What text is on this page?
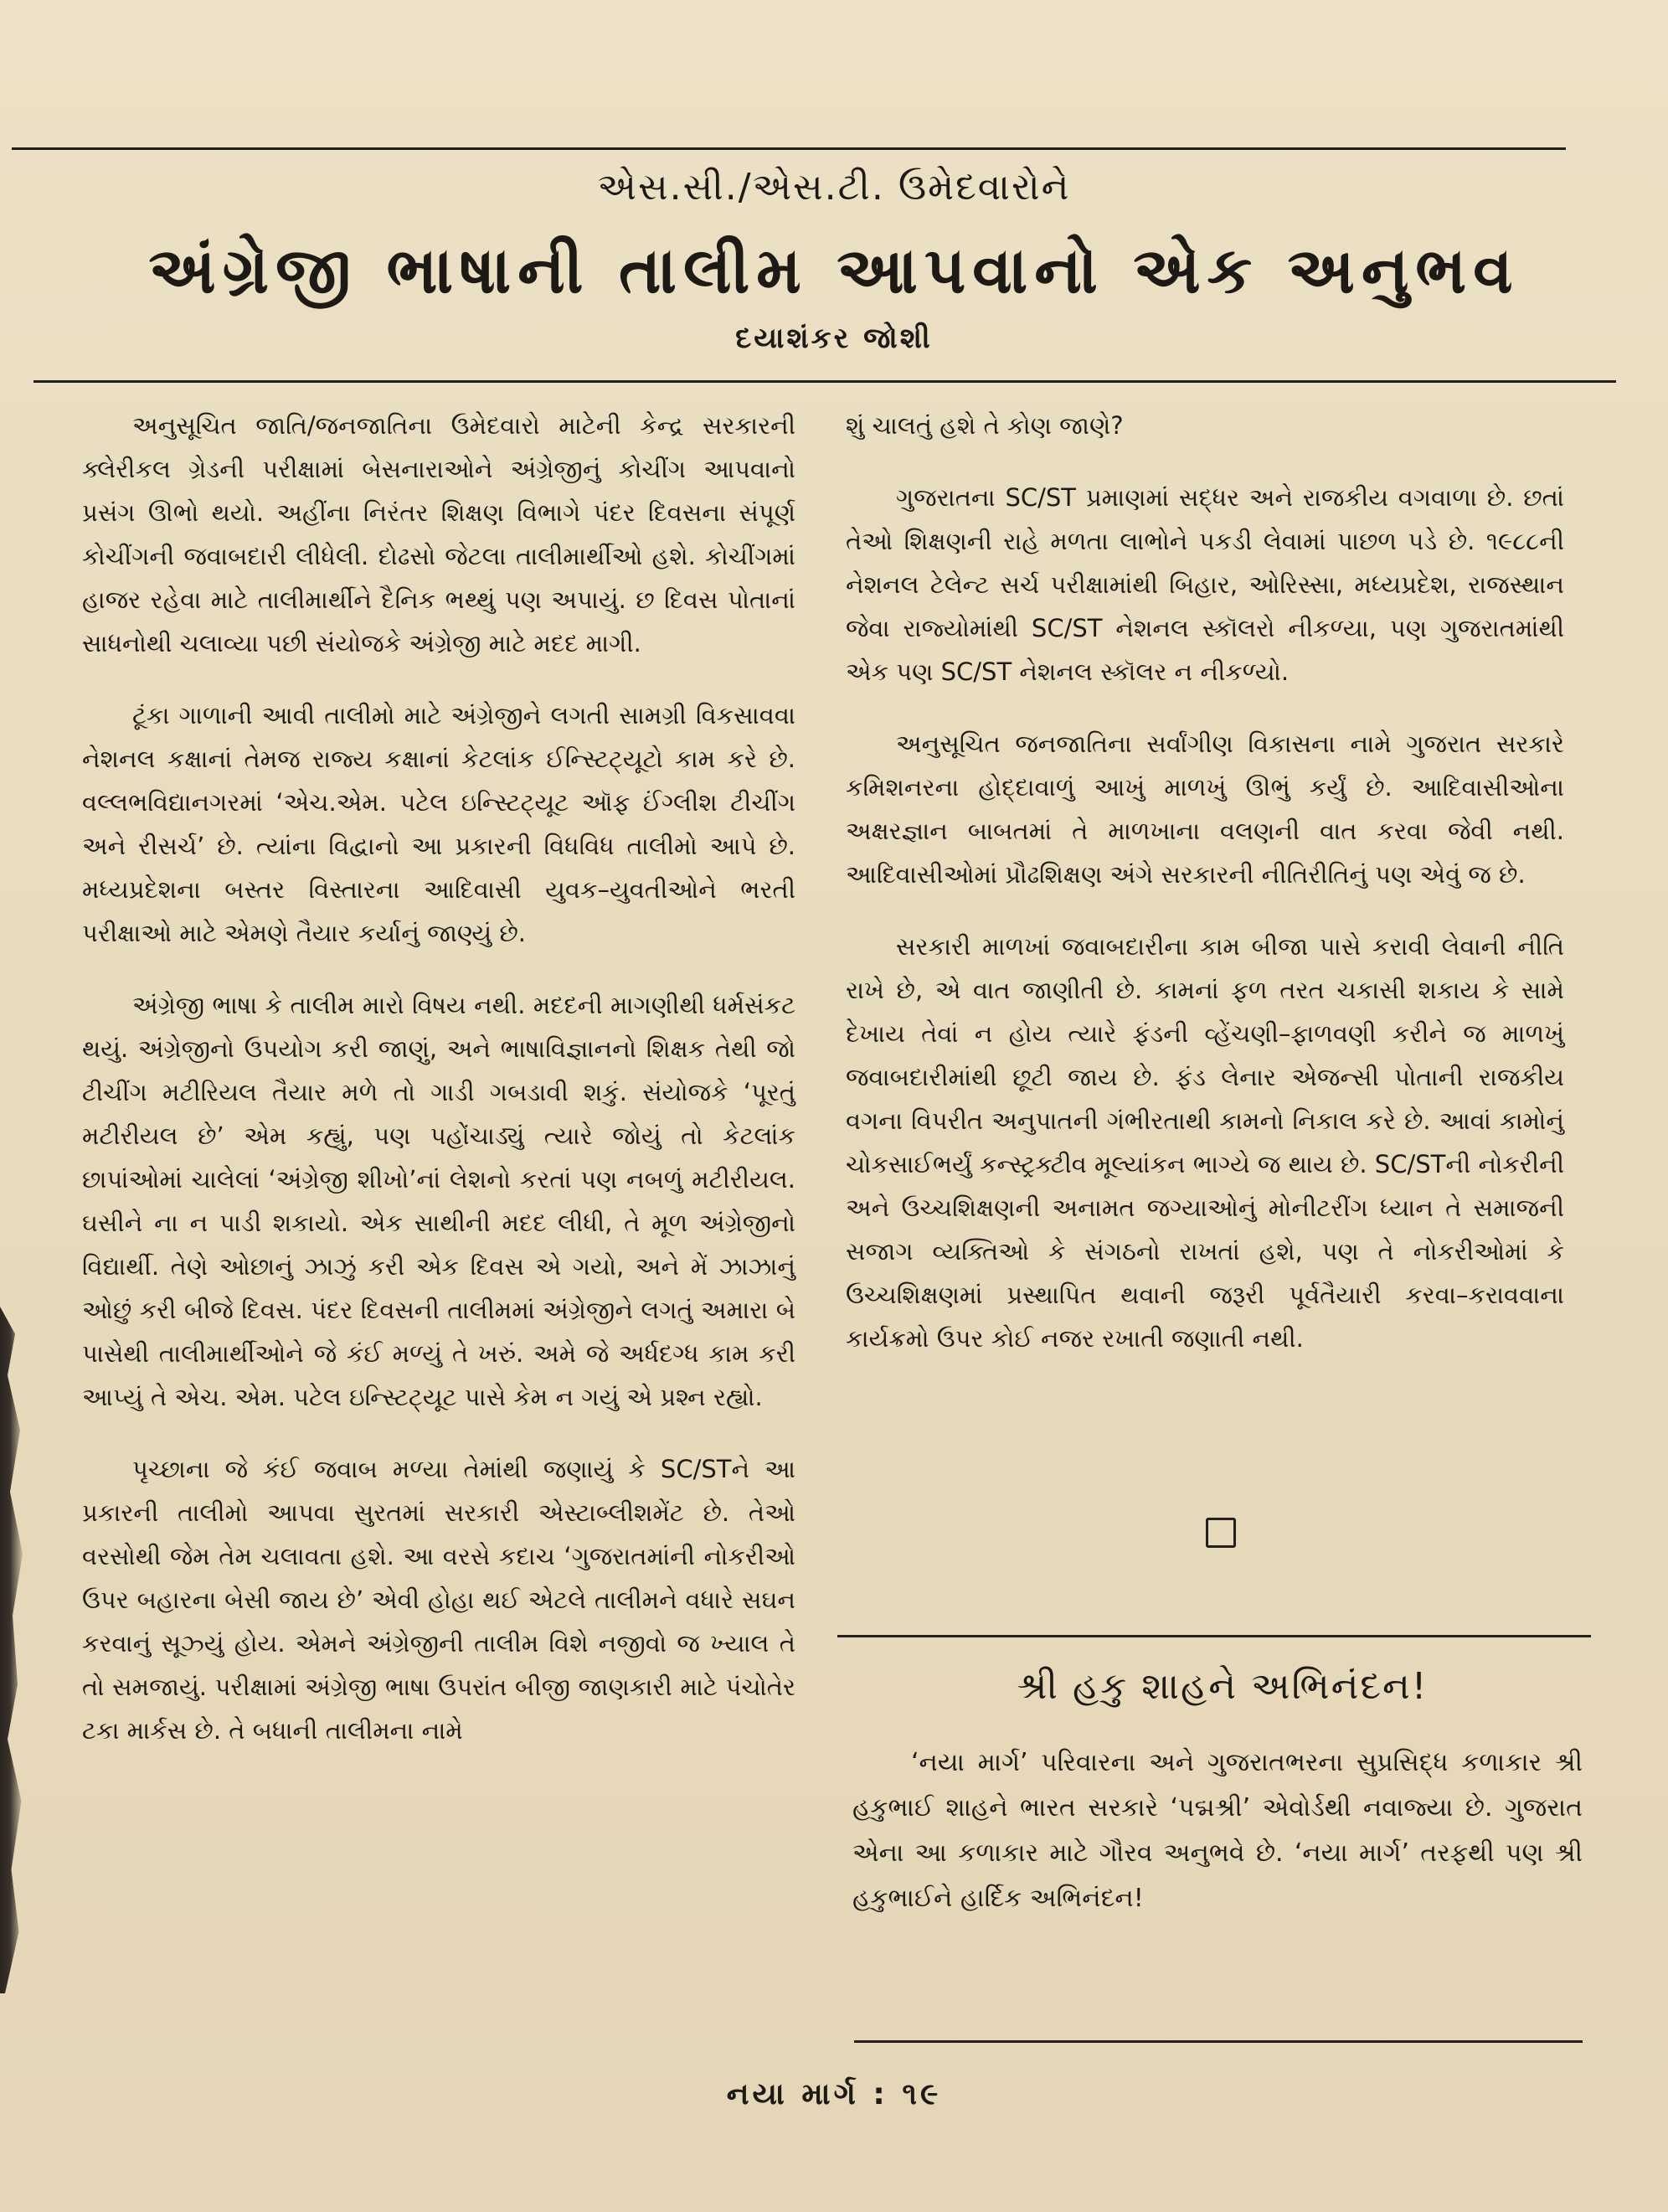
એસ.સી./એસ.ટી. ઉમેદવારોને
અંગ્રેજી ભાષાની તાલીમ આપવાનો એક અનુભવ
દયાશંકર જોશી

અનુસૂચિત જાતિ/જનજાતિના ઉમેદવારો માટેની કેન્દ્ર સરકારની ક્લેરીકલ ગ્રેડની પરીક્ષામાં બેસનારાઓને અંગ્રેજીનું કોચીંગ આપવાનો પ્રસંગ ઊભો થયો. અહીંના નિરંતર શિક્ષણ વિભાગે પંદર દિવસના સંપૂર્ણ કોચીંગની જવાબદારી લીધેલી. દોઢસો જેટલા તાલીમાર્થીઓ હશે. કોચીંગમાં હાજર રહેવા માટે તાલીમાર્થીને દૈનિક ભથ્થું પણ અપાયું. છ દિવસ પોતાનાં સાધનોથી ચલાવ્યા પછી સંયોજકે અંગ્રેજી માટે મદદ માગી.

ટૂંકા ગાળાની આવી તાલીમો માટે અંગ્રેજીને લગતી સામગ્રી વિકસાવવા નેશનલ કક્ષાનાં તેમજ રાજ્ય કક્ષાનાં કેટલાંક ઈન્સ્ટિટ્યૂટો કામ કરે છે. વલ્લભવિદ્યાનગરમાં ‘એચ.એમ. પટેલ ઇન્સ્ટિટ્યૂટ ઑફ ઈંગ્લીશ ટીચીંગ અને રીસર્ચ’ છે. ત્યાંના વિદ્વાનો આ પ્રકારની વિધવિધ તાલીમો આપે છે. મધ્યપ્રદેશના બસ્તર વિસ્તારના આદિવાસી યુવક–યુવતીઓને ભરતી પરીક્ષાઓ માટે એમણે તૈયાર કર્યાનું જાણ્યું છે.

અંગ્રેજી ભાષા કે તાલીમ મારો વિષય નથી. મદદની માગણીથી ધર્મસંકટ થયું. અંગ્રેજીનો ઉપયોગ કરી જાણું, અને ભાષાવિજ્ઞાનનો શિક્ષક તેથી જો ટીચીંગ મટીરિયલ તૈયાર મળે તો ગાડી ગબડાવી શકું. સંયોજકે ‘પૂરતું મટીરીયલ છે’ એમ કહ્યું, પણ પહોંચાડ્યું ત્યારે જોયું તો કેટલાંક છાપાંઓમાં ચાલેલાં ‘અંગ્રેજી શીખો’નાં લેશનો કરતાં પણ નબળું મટીરીયલ. ઘસીને ના ન પાડી શકાયો. એક સાથીની મદદ લીધી, તે મૂળ અંગ્રેજીનો વિદ્યાર્થી. તેણે ઓછાનું ઝાઝું કરી એક દિવસ એ ગયો, અને મેં ઝાઝાનું ઓછું કરી બીજે દિવસ. પંદર દિવસની તાલીમમાં અંગ્રેજીને લગતું અમારા બે પાસેથી તાલીમાર્થીઓને જે કંઈ મળ્યું તે ખરું. અમે જે અર્ધદગ્ધ કામ કરી આપ્યું તે એચ. એમ. પટેલ ઇન્સ્ટિટ્યૂટ પાસે કેમ ન ગયું એ પ્રશ્ન રહ્યો.

પૃચ્છાના જે કંઈ જવાબ મળ્યા તેમાંથી જણાયું કે SC/STને આ પ્રકારની તાલીમો આપવા સુરતમાં સરકારી એસ્ટાબ્લીશમેંટ છે. તેઓ વરસોથી જેમ તેમ ચલાવતા હશે. આ વરસે કદાચ ‘ગુજરાતમાંની નોકરીઓ ઉપર બહારના બેસી જાય છે’ એવી હોહા થઈ એટલે તાલીમને વધારે સઘન કરવાનું સૂઝ્યું હોય. એમને અંગ્રેજીની તાલીમ વિશે નજીવો જ ખ્યાલ તે તો સમજાયું. પરીક્ષામાં અંગ્રેજી ભાષા ઉપરાંત બીજી જાણકારી માટે પંચોતેર ટકા માર્કસ છે. તે બધાની તાલીમના નામે

શું ચાલતું હશે તે કોણ જાણે?

ગુજરાતના SC/ST પ્રમાણમાં સદ્ધર અને રાજકીય વગવાળા છે. છતાં તેઓ શિક્ષણની રાહે મળતા લાભોને પકડી લેવામાં પાછળ પડે છે. ૧૯૮૮ની નેશનલ ટેલેન્ટ સર્ચ પરીક્ષામાંથી બિહાર, ઓરિસ્સા, મધ્યપ્રદેશ, રાજસ્થાન જેવા રાજ્યોમાંથી SC/ST નેશનલ સ્કૉલરો નીકળ્યા, પણ ગુજરાતમાંથી એક પણ SC/ST નેશનલ સ્કૉલર ન નીકળ્યો.

અનુસૂચિત જનજાતિના સર્વાંગીણ વિકાસના નામે ગુજરાત સરકારે કમિશનરના હોદ્દાવાળું આખું માળખું ઊભું કર્યું છે. આદિવાસીઓના અક્ષરજ્ઞાન બાબતમાં તે માળખાના વલણની વાત કરવા જેવી નથી. આદિવાસીઓમાં પ્રૌઢશિક્ષણ અંગે સરકારની નીતિરીતિનું પણ એવું જ છે.

સરકારી માળખાં જવાબદારીના કામ બીજા પાસે કરાવી લેવાની નીતિ રાખે છે, એ વાત જાણીતી છે. કામનાં ફળ તરત ચકાસી શકાય કે સામે દેખાય તેવાં ન હોય ત્યારે ફંડની વ્હેંચણી–ફાળવણી કરીને જ માળખું જવાબદારીમાંથી છૂટી જાય છે. ફંડ લેનાર એજન્સી પોતાની રાજકીય વગના વિપરીત અનુપાતની ગંભીરતાથી કામનો નિકાલ કરે છે. આવાં કામોનું ચોકસાઈભર્યું કન્સ્ટ્રક્ટીવ મૂલ્યાંકન ભાગ્યે જ થાય છે. SC/STની નોકરીની અને ઉચ્ચશિક્ષણની અનામત જગ્યાઓનું મોનીટરીંગ ધ્યાન તે સમાજની સજાગ વ્યક્તિઓ કે સંગઠનો રાખતાં હશે, પણ તે નોકરીઓમાં કે ઉચ્ચશિક્ષણમાં પ્રસ્થાપિત થવાની જરૂરી પૂર્વતૈયારી કરવા–કરાવવાના કાર્યક્રમો ઉપર કોઈ નજર રખાતી જણાતી નથી.

શ્રી હકુ શાહને અભિનંદન!

‘નયા માર્ગ’ પરિવારના અને ગુજરાતભરના સુપ્રસિદ્ધ કળાકાર શ્રી હકુભાઈ શાહને ભારત સરકારે ‘પદ્મશ્રી’ એવોર્ડથી નવાજ્યા છે. ગુજરાત એના આ કળાકાર માટે ગૌરવ અનુભવે છે. ‘નયા માર્ગ’ તરફથી પણ શ્રી હકુભાઈને હાર્દિક અભિનંદન!

નયા માર્ગ : ૧૯
